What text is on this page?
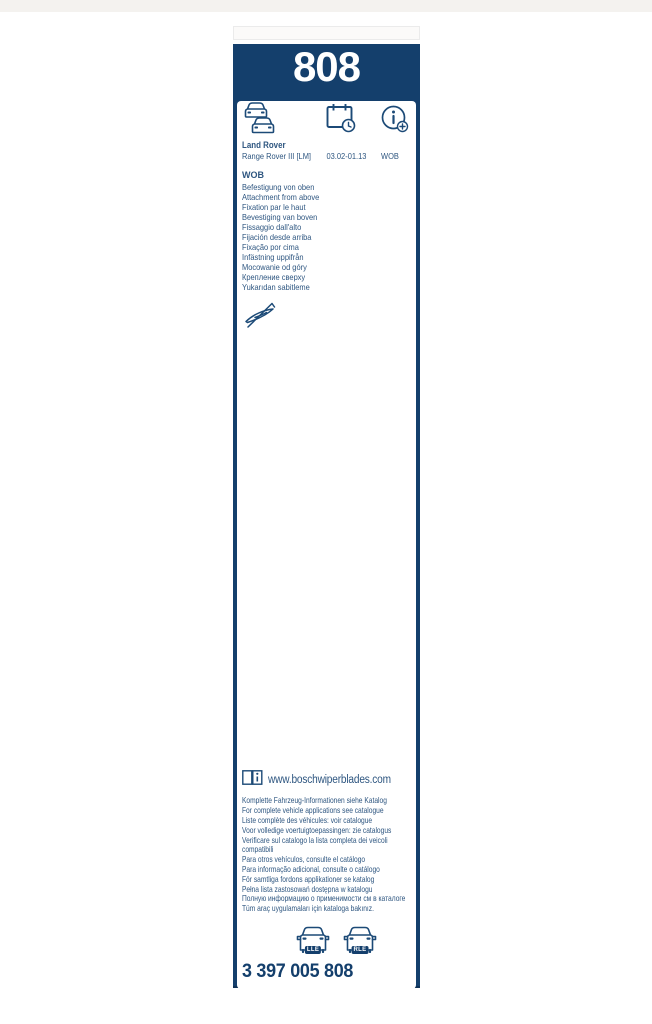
808
Land Rover
Range Rover III [LM] 03.02-01.13 WOB
WOB
Befestigung von oben
Attachment from above
Fixation par le haut
Bevestiging van boven
Fissaggio dall'alto
Fijación desde arriba
Fixação por cima
Infästning uppifrån
Mocowanie od góry
Крепление сверху
Yukarıdan sabitleme
www.boschwiperblades.com
Komplette Fahrzeug-Informationen siehe Katalog
For complete vehicle applications see catalogue
Liste complète des véhicules: voir catalogue
Voor volledige voertuigtoepassingen: zie catalogus
Verificare sul catalogo la lista completa dei veicoli compatibili
Para otros vehículos, consulte el catálogo
Para informação adicional, consulte o catálogo
För samtliga fordons applikationer se katalog
Pełna lista zastosowań dostępna w katalogu
Полную информацию о применимости см в каталоге
Tüm araç uygulamaları için kataloga bakınız.
LLE	RLE
3 397 005 808
